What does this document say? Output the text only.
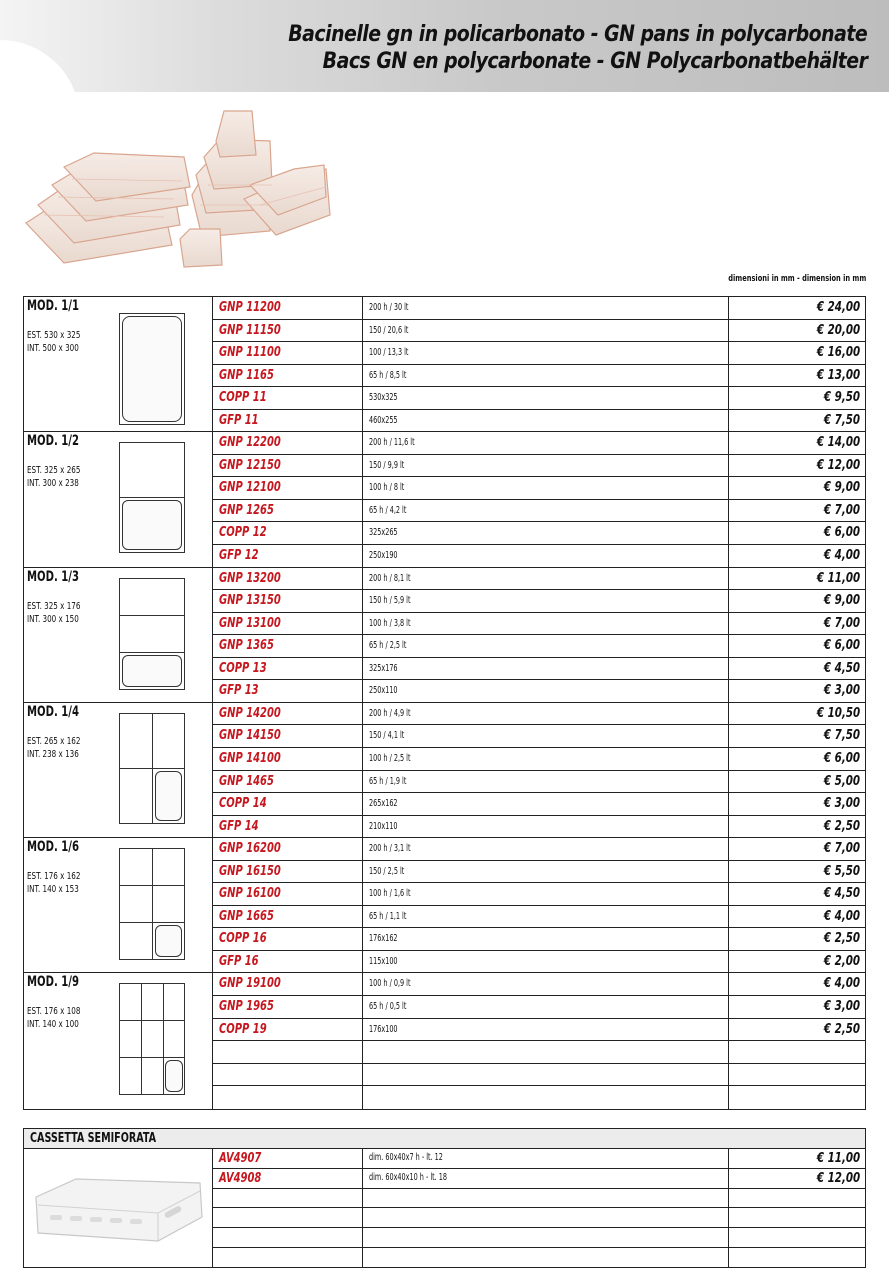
Bacinelle gn in policarbonato - GN pans in polycarbonate
Bacs GN en polycarbonate - GN Polycarbonatbehälter
dimensioni in mm - dimension in mm
MOD. 1/1
EST. 530 x 325
INT. 500 x 300
GNP 11200	200 h / 30 lt	€ 24,00
GNP 11150	150 / 20,6 lt	€ 20,00
GNP 11100	100 / 13,3 lt	€ 16,00
GNP 1165	65 h / 8,5 lt	€ 13,00
COPP 11	530x325	€ 9,50
GFP 11	460x255	€ 7,50
MOD. 1/2
EST. 325 x 265
INT. 300 x 238
GNP 12200	200 h / 11,6 lt	€ 14,00
GNP 12150	150 / 9,9 lt	€ 12,00
GNP 12100	100 h / 8 lt	€ 9,00
GNP 1265	65 h / 4,2 lt	€ 7,00
COPP 12	325x265	€ 6,00
GFP 12	250x190	€ 4,00
MOD. 1/3
EST. 325 x 176
INT. 300 x 150
GNP 13200	200 h / 8,1 lt	€ 11,00
GNP 13150	150 h / 5,9 lt	€ 9,00
GNP 13100	100 h / 3,8 lt	€ 7,00
GNP 1365	65 h / 2,5 lt	€ 6,00
COPP 13	325x176	€ 4,50
GFP 13	250x110	€ 3,00
MOD. 1/4
EST. 265 x 162
INT. 238 x 136
GNP 14200	200 h / 4,9 lt	€ 10,50
GNP 14150	150 / 4,1 lt	€ 7,50
GNP 14100	100 h / 2,5 lt	€ 6,00
GNP 1465	65 h / 1,9 lt	€ 5,00
COPP 14	265x162	€ 3,00
GFP 14	210x110	€ 2,50
MOD. 1/6
EST. 176 x 162
INT. 140 x 153
GNP 16200	200 h / 3,1 lt	€ 7,00
GNP 16150	150 / 2,5 lt	€ 5,50
GNP 16100	100 h / 1,6 lt	€ 4,50
GNP 1665	65 h / 1,1 lt	€ 4,00
COPP 16	176x162	€ 2,50
GFP 16	115x100	€ 2,00
MOD. 1/9
EST. 176 x 108
INT. 140 x 100
GNP 19100	100 h / 0,9 lt	€ 4,00
GNP 1965	65 h / 0,5 lt	€ 3,00
COPP 19	176x100	€ 2,50
CASSETTA SEMIFORATA
AV4907	dim. 60x40x7 h - lt. 12	€ 11,00
AV4908	dim. 60x40x10 h - lt. 18	€ 12,00
